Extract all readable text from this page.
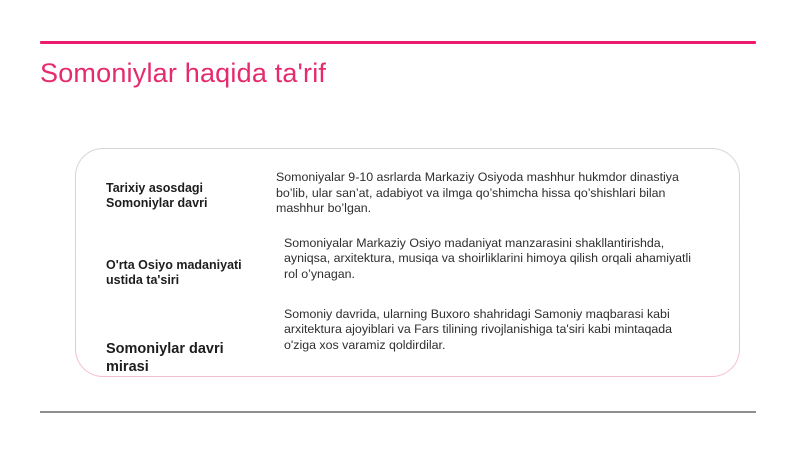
Somoniylar haqida ta'rif
Tarixiy asosdagi Somoniylar davri
Somoniyalar 9-10 asrlarda Markaziy Osiyoda mashhur hukmdor dinastiya bo’lib, ular san’at, adabiyot va ilmga qo’shimcha hissa qo’shishlari bilan mashhur bo’lgan.
O'rta Osiyo madaniyati ustida ta'siri
Somoniyalar Markaziy Osiyo madaniyat manzarasini shakllantirishda, ayniqsa, arxitektura, musiqa va shoirliklarini himoya qilish orqali ahamiyatli rol o’ynagan.
Somoniylar davri mirasi
Somoniy davrida, ularning Buxoro shahridagi Samoniy maqbarasi kabi arxitektura ajoyiblari va Fars tilining rivojlanishiga ta'siri kabi mintaqada o'ziga xos varamiz qoldirdilar.
